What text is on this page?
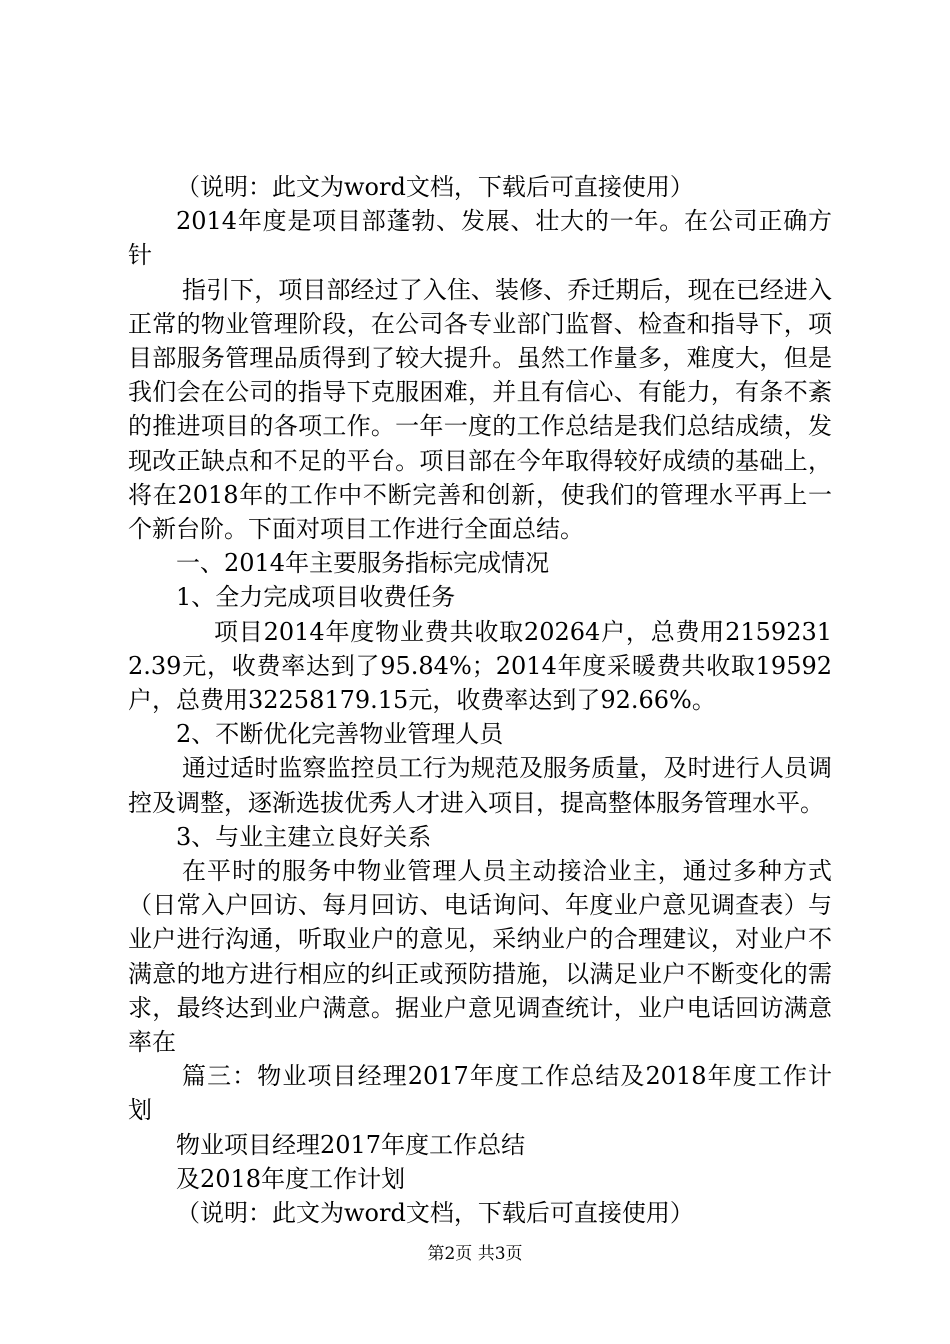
（说明：此文为word文档，下载后可直接使用）

2014年度是项目部蓬勃、发展、壮大的一年。在公司正确方针

指引下，项目部经过了入住、装修、乔迁期后，现在已经进入正常的物业管理阶段，在公司各专业部门监督、检查和指导下，项目部服务管理品质得到了较大提升。虽然工作量多，难度大，但是我们会在公司的指导下克服困难，并且有信心、有能力，有条不紊的推进项目的各项工作。一年一度的工作总结是我们总结成绩，发现改正缺点和不足的平台。项目部在今年取得较好成绩的基础上，将在2018年的工作中不断完善和创新，使我们的管理水平再上一个新台阶。下面对项目工作进行全面总结。

一、2014年主要服务指标完成情况

1、全力完成项目收费任务

项目2014年度物业费共收取20264户，总费用21592312.39元，收费率达到了95.84%；2014年度采暖费共收取19592户，总费用32258179.15元，收费率达到了92.66%。

2、不断优化完善物业管理人员

通过适时监察监控员工行为规范及服务质量，及时进行人员调控及调整，逐渐选拔优秀人才进入项目，提高整体服务管理水平。

3、与业主建立良好关系

在平时的服务中物业管理人员主动接洽业主，通过多种方式（日常入户回访、每月回访、电话询问、年度业户意见调查表）与业户进行沟通，听取业户的意见，采纳业户的合理建议，对业户不满意的地方进行相应的纠正或预防措施，以满足业户不断变化的需求，最终达到业户满意。据业户意见调查统计，业户电话回访满意率在

篇三：物业项目经理2017年度工作总结及2018年度工作计划

物业项目经理2017年度工作总结

及2018年度工作计划

（说明：此文为word文档，下载后可直接使用）

第2页 共3页
